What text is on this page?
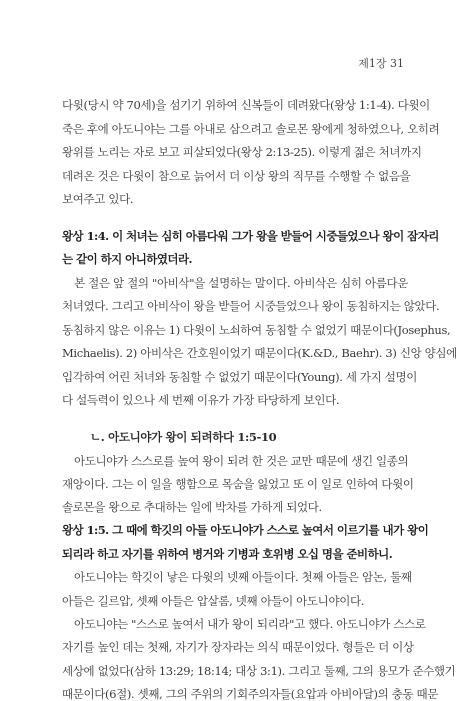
제1장 31
다윗(당시 약 70세)을 섬기기 위하여 신복들이 데려왔다(왕상 1:1-4). 다윗이
죽은 후에 아도니야는 그를 아내로 삼으려고 솔로몬 왕에게 청하였으나, 오히려
왕위를 노리는 자로 보고 피살되었다(왕상 2:13-25). 이렇게 젊은 처녀까지
데려온 것은 다윗이 참으로 늙어서 더 이상 왕의 직무를 수행할 수 없음을
보여주고 있다.
왕상 1:4. 이 처녀는 심히 아름다워 그가 왕을 받들어 시중들었으나 왕이 잠자리
는 같이 하지 아니하였더라.
본 절은 앞 절의 "아비삭"을 설명하는 말이다. 아비삭은 심히 아름다운
처녀였다. 그리고 아비삭이 왕을 받들어 시중들었으나 왕이 동침하지는 않았다.
동침하지 않은 이유는 1) 다윗이 노쇠하여 동침할 수 없었기 때문이다(Josephus,
Michaelis). 2) 아비삭은 간호원이었기 때문이다(K.&D., Baehr). 3) 신앙 양심에
입각하여 어린 처녀와 동침할 수 없었기 때문이다(Young). 세 가지 설명이
다 설득력이 있으나 세 번째 이유가 가장 타당하게 보인다.
ㄴ. 아도니야가 왕이 되려하다 1:5-10
아도니야가 스스로를 높여 왕이 되려 한 것은 교만 때문에 생긴 일종의
재앙이다. 그는 이 일을 행함으로 목숨을 잃었고 또 이 일로 인하여 다윗이
솔로몬을 왕으로 추대하는 일에 박차를 가하게 되었다.
왕상 1:5. 그 때에 학깃의 아들 아도니야가 스스로 높여서 이르기를 내가 왕이
되리라 하고 자기를 위하여 병거와 기병과 호위병 오십 명을 준비하니.
아도니야는 학깃이 낳은 다윗의 넷째 아들이다. 첫째 아들은 암논, 둘째
아들은 길르압, 셋째 아들은 압살롬, 넷째 아들이 아도니야이다.
아도니야는 "스스로 높여서 내가 왕이 되리라"고 했다. 아도니야가 스스로
자기를 높인 데는 첫째, 자기가 장자라는 의식 때문이었다. 형들은 더 이상
세상에 없었다(삼하 13:29; 18:14; 대상 3:1). 그리고 둘째, 그의 용모가 준수했기
때문이다(6절). 셋째, 그의 주위의 기회주의자들(요압과 아비아달)의 충동 때문
